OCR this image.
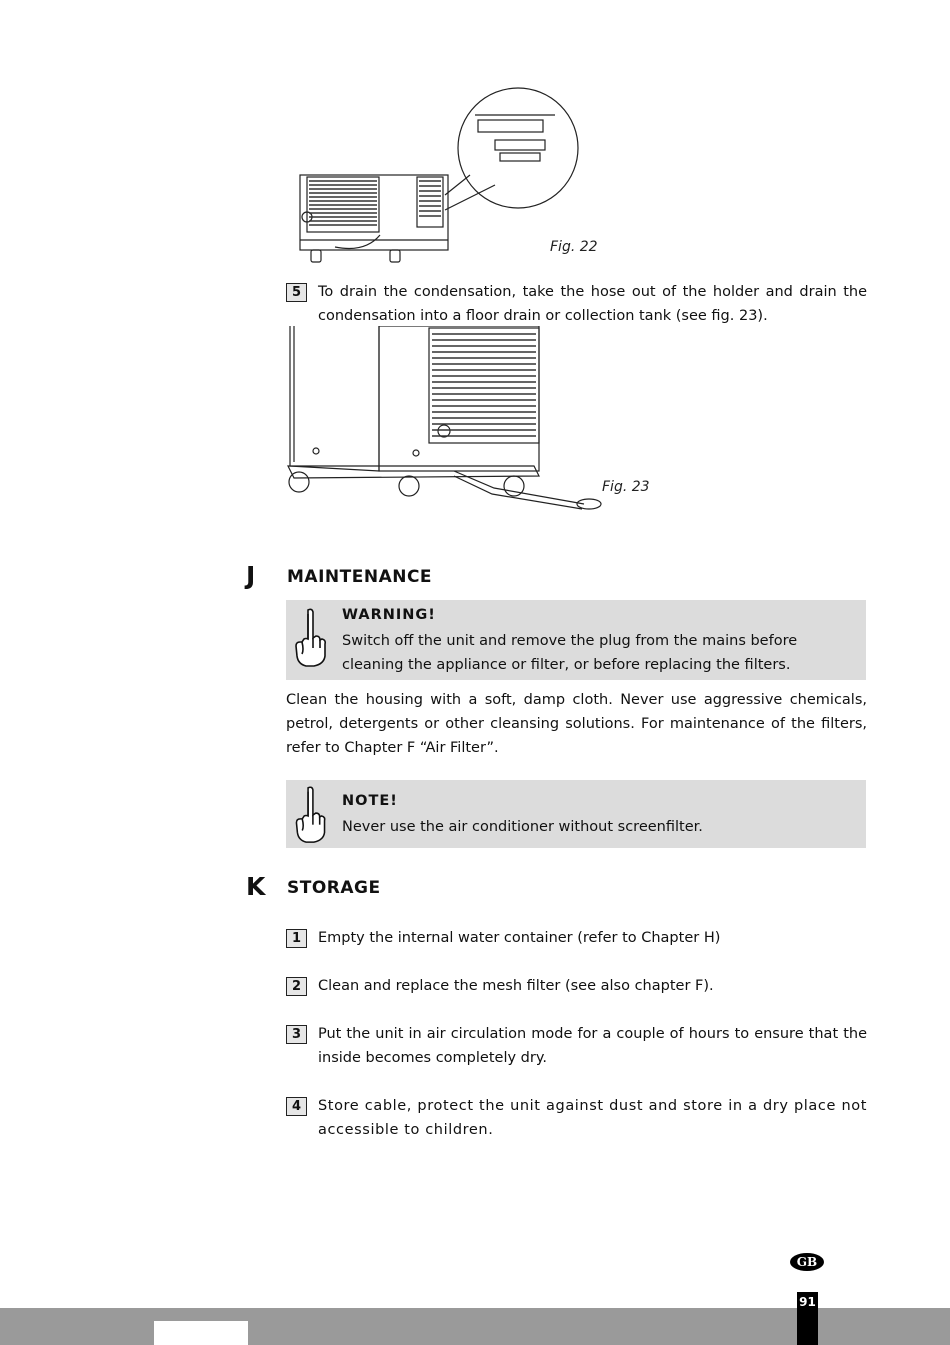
Fig. 22
5	To drain the condensation, take the hose out of the holder and drain the condensation into a floor drain or collection tank (see fig. 23).
Fig. 23
J MAINTENANCE
WARNING!
Switch off the unit and remove the plug from the mains before cleaning the appliance or filter, or before replacing the filters.
Clean the housing with a soft, damp cloth. Never use aggressive chemicals, petrol, detergents or other cleansing solutions. For maintenance of the filters, refer to Chapter F “Air Filter”.
NOTE!
Never use the air conditioner without screenfilter.
K STORAGE
1	Empty the internal water container (refer to Chapter H)
2	Clean and replace the mesh filter (see also chapter F).
3	Put the unit in air circulation mode for a couple of hours to ensure that the inside becomes completely dry.
4	Store cable, protect the unit against dust and store in a dry place not accessible to children.
GB
91
